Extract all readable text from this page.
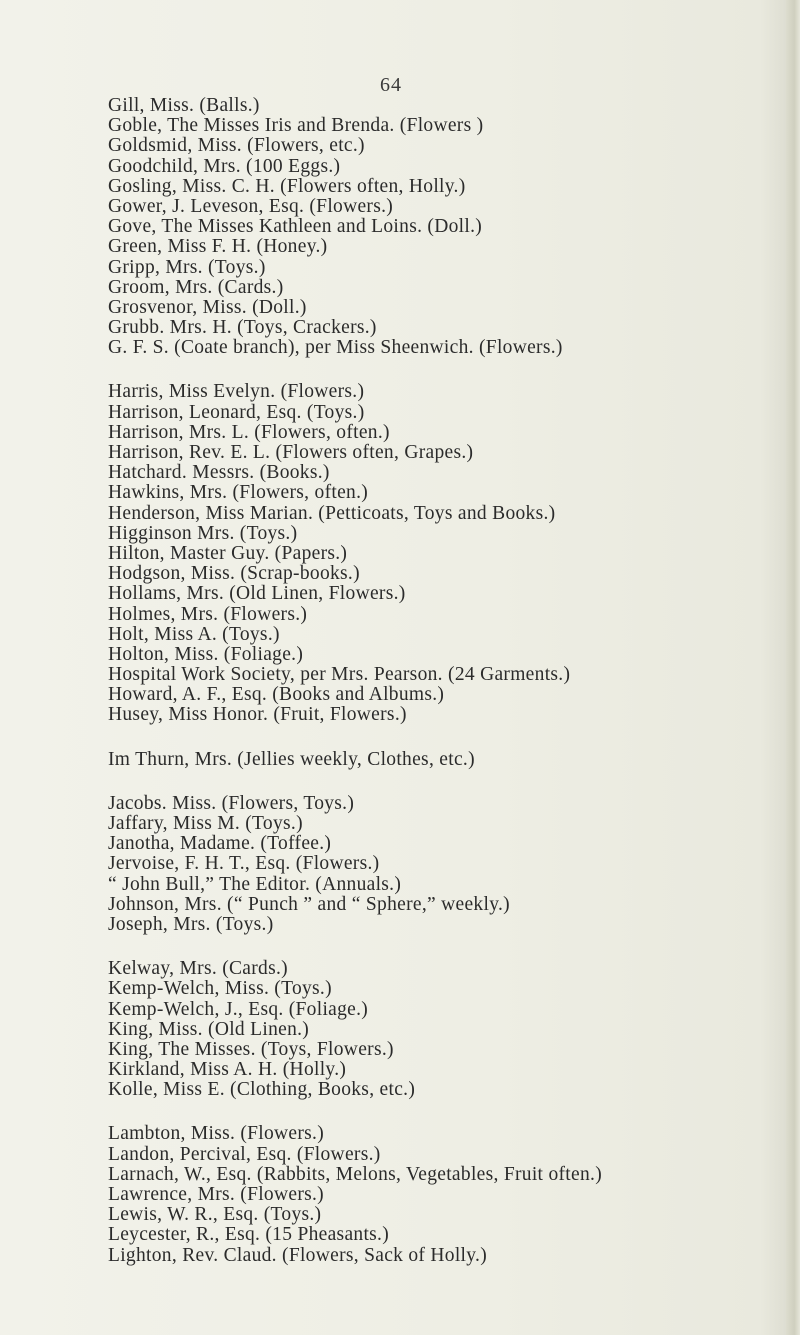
64
Gill, Miss. (Balls.)
Goble, The Misses Iris and Brenda. (Flowers )
Goldsmid, Miss. (Flowers, etc.)
Goodchild, Mrs. (100 Eggs.)
Gosling, Miss. C. H. (Flowers often, Holly.)
Gower, J. Leveson, Esq. (Flowers.)
Gove, The Misses Kathleen and Loins. (Doll.)
Green, Miss F. H. (Honey.)
Gripp, Mrs. (Toys.)
Groom, Mrs. (Cards.)
Grosvenor, Miss. (Doll.)
Grubb. Mrs. H. (Toys, Crackers.)
G. F. S. (Coate branch), per Miss Sheenwich. (Flowers.)
Harris, Miss Evelyn. (Flowers.)
Harrison, Leonard, Esq. (Toys.)
Harrison, Mrs. L. (Flowers, often.)
Harrison, Rev. E. L. (Flowers often, Grapes.)
Hatchard. Messrs. (Books.)
Hawkins, Mrs. (Flowers, often.)
Henderson, Miss Marian. (Petticoats, Toys and Books.)
Higginson Mrs. (Toys.)
Hilton, Master Guy. (Papers.)
Hodgson, Miss. (Scrap-books.)
Hollams, Mrs. (Old Linen, Flowers.)
Holmes, Mrs. (Flowers.)
Holt, Miss A. (Toys.)
Holton, Miss. (Foliage.)
Hospital Work Society, per Mrs. Pearson. (24 Garments.)
Howard, A. F., Esq. (Books and Albums.)
Husey, Miss Honor. (Fruit, Flowers.)
Im Thurn, Mrs. (Jellies weekly, Clothes, etc.)
Jacobs. Miss. (Flowers, Toys.)
Jaffary, Miss M. (Toys.)
Janotha, Madame. (Toffee.)
Jervoise, F. H. T., Esq. (Flowers.)
“ John Bull,” The Editor. (Annuals.)
Johnson, Mrs. (“ Punch ” and “ Sphere,” weekly.)
Joseph, Mrs. (Toys.)
Kelway, Mrs. (Cards.)
Kemp-Welch, Miss. (Toys.)
Kemp-Welch, J., Esq. (Foliage.)
King, Miss. (Old Linen.)
King, The Misses. (Toys, Flowers.)
Kirkland, Miss A. H. (Holly.)
Kolle, Miss E. (Clothing, Books, etc.)
Lambton, Miss. (Flowers.)
Landon, Percival, Esq. (Flowers.)
Larnach, W., Esq. (Rabbits, Melons, Vegetables, Fruit often.)
Lawrence, Mrs. (Flowers.)
Lewis, W. R., Esq. (Toys.)
Leycester, R., Esq. (15 Pheasants.)
Lighton, Rev. Claud. (Flowers, Sack of Holly.)
